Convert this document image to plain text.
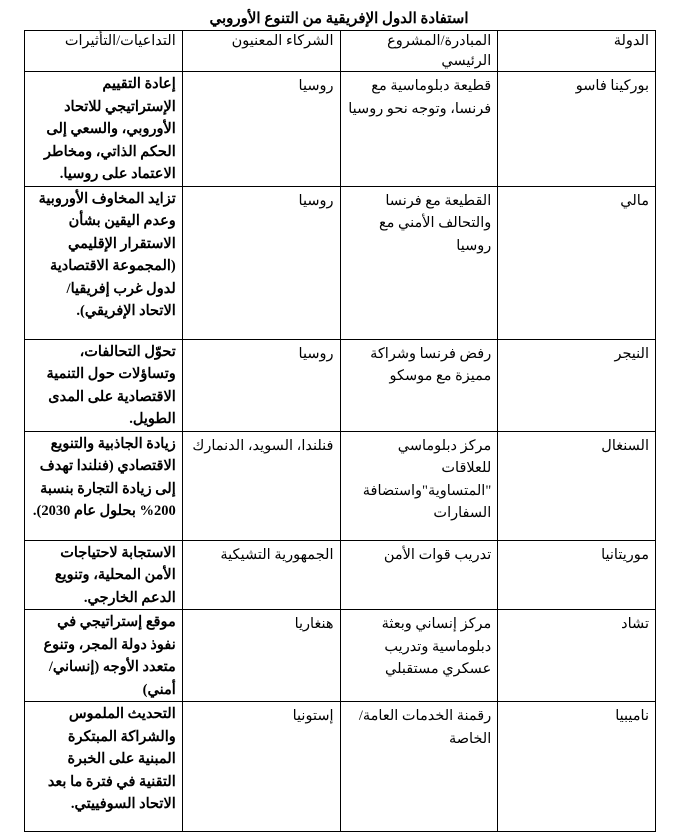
استفادة الدول الإفريقية من التنوع الأوروبي
الدولة	المبادرة/المشروع الرئيسي	الشركاء المعنيون	التداعيات/التأثيرات

بوركينا فاسو	قطيعة دبلوماسية مع فرنسا، وتوجه نحو روسيا	روسيا	إعادة التقييم الإستراتيجي للاتحاد الأوروبي، والسعي إلى الحكم الذاتي، ومخاطر الاعتماد على روسيا.

مالي	القطيعة مع فرنسا والتحالف الأمني مع روسيا	روسيا	تزايد المخاوف الأوروبية وعدم اليقين بشأن الاستقرار الإقليمي (المجموعة الاقتصادية لدول غرب إفريقيا/الاتحاد الإفريقي).

النيجر	رفض فرنسا وشراكة مميزة مع موسكو	روسيا	تحوّل التحالفات، وتساؤلات حول التنمية الاقتصادية على المدى الطويل.

السنغال	مركز دبلوماسي للعلاقات "المتساوية"واستضافة السفارات	فنلندا، السويد، الدنمارك	زيادة الجاذبية والتنويع الاقتصادي (فنلندا تهدف إلى زيادة التجارة بنسبة 200% بحلول عام 2030).

موريتانيا	تدريب قوات الأمن	الجمهورية التشيكية	الاستجابة لاحتياجات الأمن المحلية، وتنويع الدعم الخارجي.

تشاد	مركز إنساني وبعثة دبلوماسية وتدريب عسكري مستقبلي	هنغاريا	موقع إستراتيجي في نفوذ دولة المجر، وتنوع متعدد الأوجه (إنساني/أمني)

ناميبيا	رقمنة الخدمات العامة/الخاصة	إستونيا	التحديث الملموس والشراكة المبتكرة المبنية على الخبرة التقنية في فترة ما بعد الاتحاد السوفييتي.
